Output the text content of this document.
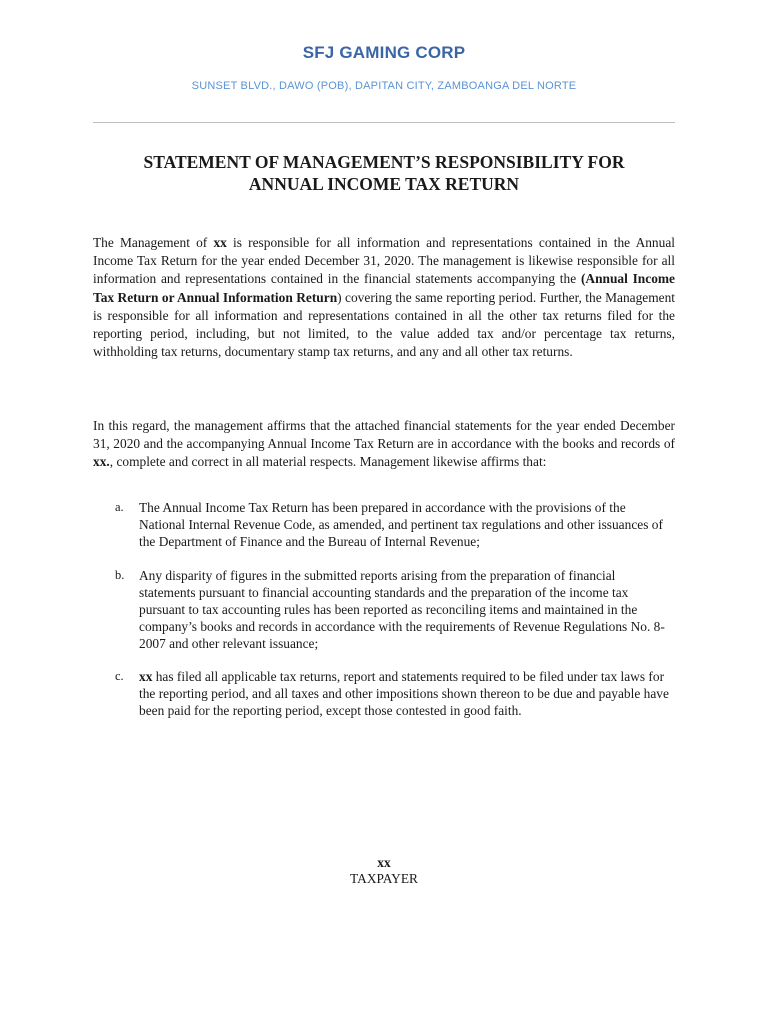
SFJ GAMING CORP
SUNSET BLVD., DAWO (POB), DAPITAN CITY, ZAMBOANGA DEL NORTE
STATEMENT OF MANAGEMENT’S RESPONSIBILITY FOR
ANNUAL INCOME TAX RETURN

The Management of xx is responsible for all information and representations contained in the Annual Income Tax Return for the year ended December 31, 2020. The management is likewise responsible for all information and representations contained in the financial statements accompanying the (Annual Income Tax Return or Annual Information Return) covering the same reporting period. Further, the Management is responsible for all information and representations contained in all the other tax returns filed for the reporting period, including, but not limited, to the value added tax and/or percentage tax returns, withholding tax returns, documentary stamp tax returns, and any and all other tax returns.

In this regard, the management affirms that the attached financial statements for the year ended December 31, 2020 and the accompanying Annual Income Tax Return are in accordance with the books and records of xx., complete and correct in all material respects. Management likewise affirms that:

a. The Annual Income Tax Return has been prepared in accordance with the provisions of the National Internal Revenue Code, as amended, and pertinent tax regulations and other issuances of the Department of Finance and the Bureau of Internal Revenue;
b. Any disparity of figures in the submitted reports arising from the preparation of financial statements pursuant to financial accounting standards and the preparation of the income tax pursuant to tax accounting rules has been reported as reconciling items and maintained in the company’s books and records in accordance with the requirements of Revenue Regulations No. 8-2007 and other relevant issuance;
c. xx has filed all applicable tax returns, report and statements required to be filed under tax laws for the reporting period, and all taxes and other impositions shown thereon to be due and payable have been paid for the reporting period, except those contested in good faith.
xx
TAXPAYER
